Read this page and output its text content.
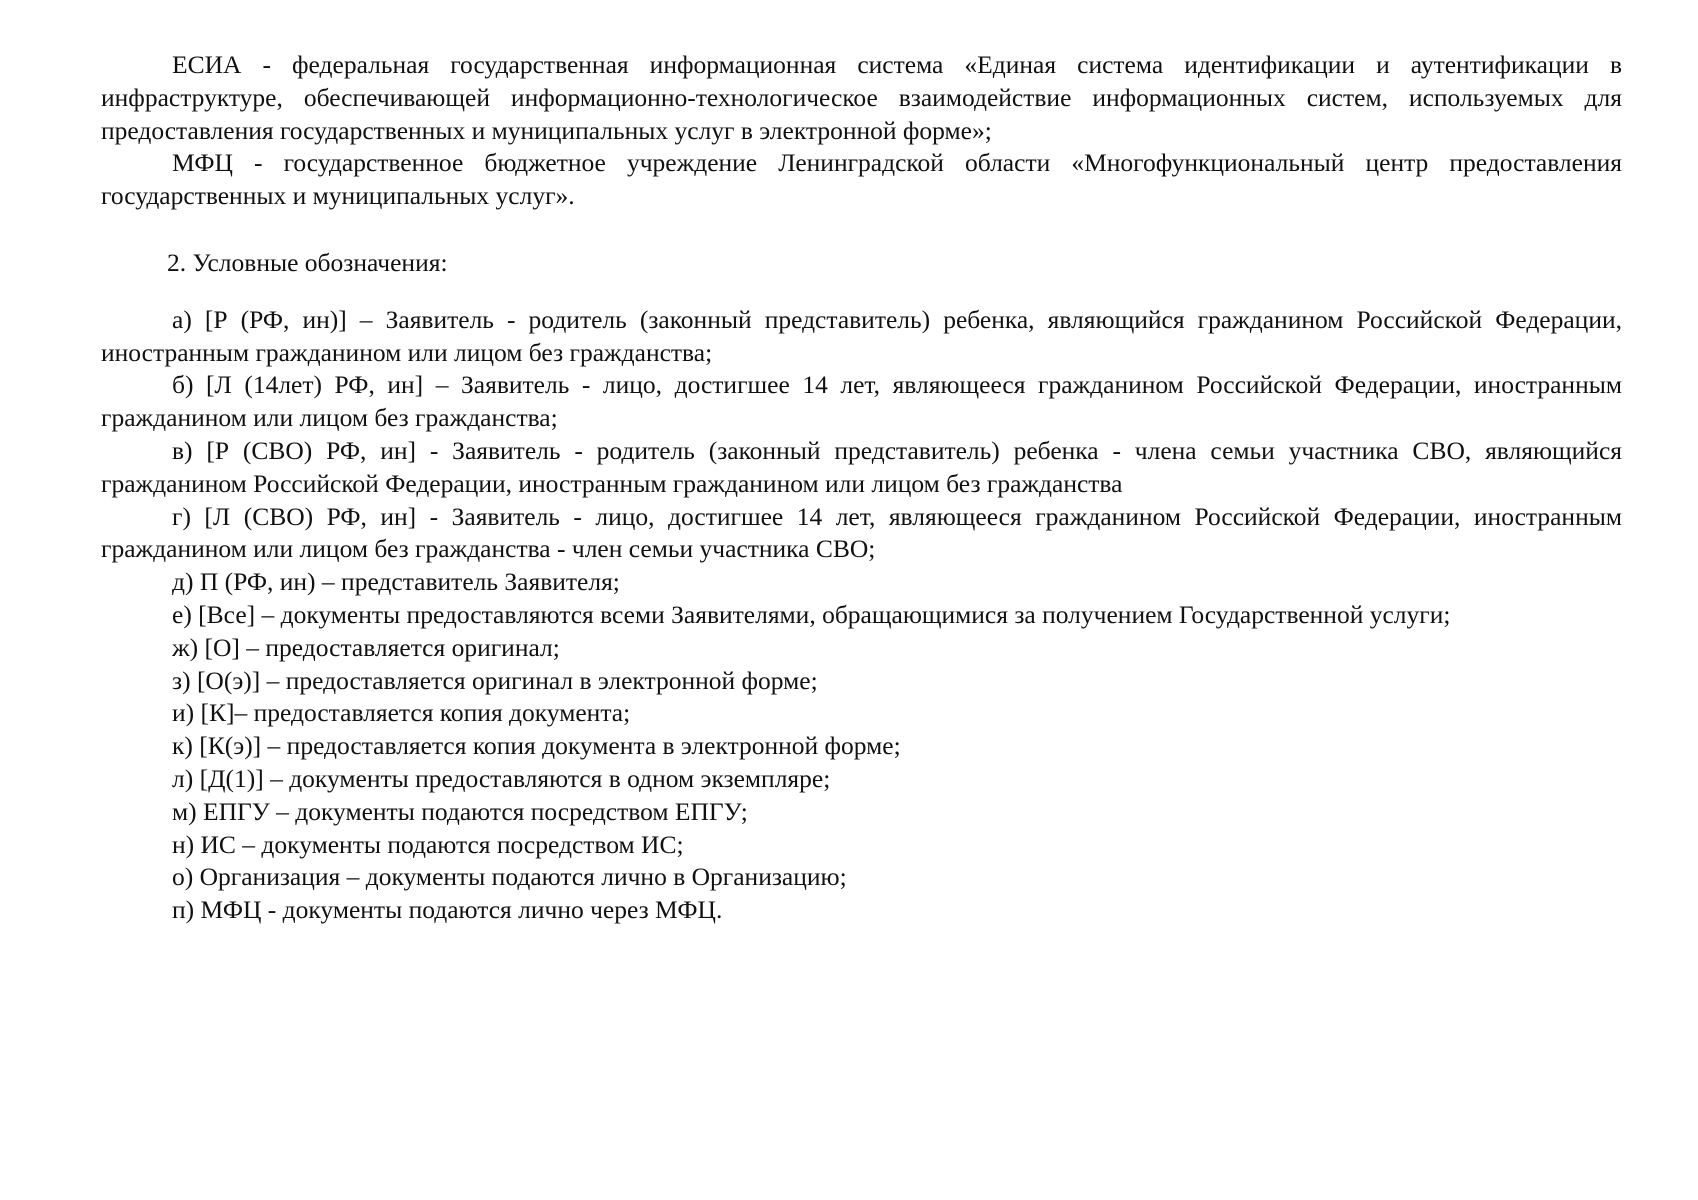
ЕСИА - федеральная государственная информационная система «Единая система идентификации и аутентификации в инфраструктуре, обеспечивающей информационно-технологическое взаимодействие информационных систем, используемых для предоставления государственных и муниципальных услуг в электронной форме»;

МФЦ - государственное бюджетное учреждение Ленинградской области «Многофункциональный центр предоставления государственных и муниципальных услуг».

2. Условные обозначения:

а) [Р (РФ, ин)] – Заявитель - родитель (законный представитель) ребенка, являющийся гражданином Российской Федерации, иностранным гражданином или лицом без гражданства;

б) [Л (14лет) РФ, ин] – Заявитель - лицо, достигшее 14 лет, являющееся гражданином Российской Федерации, иностранным гражданином или лицом без гражданства;

в) [Р (СВО) РФ, ин] - Заявитель - родитель (законный представитель) ребенка - члена семьи участника СВО, являющийся гражданином Российской Федерации, иностранным гражданином или лицом без гражданства

г) [Л (СВО) РФ, ин] - Заявитель - лицо, достигшее 14 лет, являющееся гражданином Российской Федерации, иностранным гражданином или лицом без гражданства - член семьи участника СВО;

д) П (РФ, ин) – представитель Заявителя;

е) [Все] – документы предоставляются всеми Заявителями, обращающимися за получением Государственной услуги;

ж) [О] – предоставляется оригинал;

з) [О(э)] – предоставляется оригинал в электронной форме;

и) [К]– предоставляется копия документа;

к) [К(э)] – предоставляется копия документа в электронной форме;

л) [Д(1)] – документы предоставляются в одном экземпляре;

м) ЕПГУ – документы подаются посредством ЕПГУ;

н) ИС – документы подаются посредством ИС;

о) Организация – документы подаются лично в Организацию;

п) МФЦ - документы подаются лично через МФЦ.
